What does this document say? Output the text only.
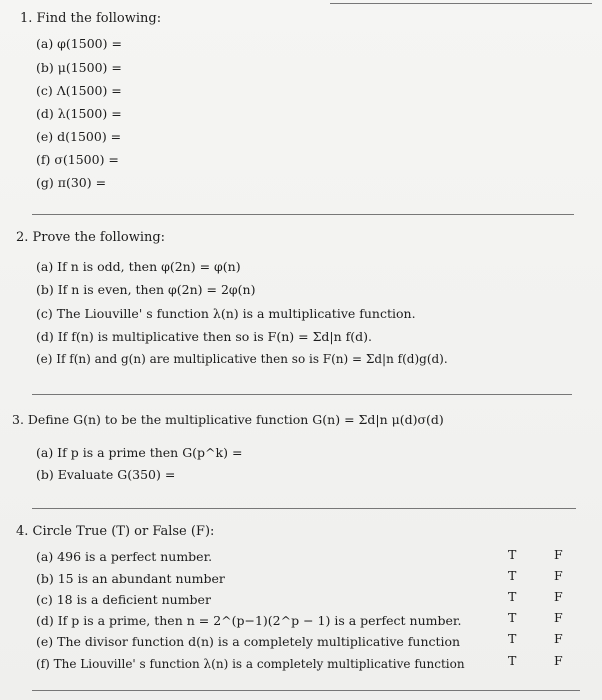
1. Find the following:
(a) φ(1500) =
(b) μ(1500) =
(c) Λ(1500) =
(d) λ(1500) =
(e) d(1500) =
(f) σ(1500) =
(g) π(30) =
2. Prove the following:
(a) If n is odd, then φ(2n) = φ(n)
(b) If n is even, then φ(2n) = 2φ(n)
(c) The Liouville' s function λ(n) is a multiplicative function.
(d) If f(n) is multiplicative then so is F(n) = Σd|n f(d).
(e) If f(n) and g(n) are multiplicative then so is F(n) = Σd|n f(d)g(d).
3. Define G(n) to be the multiplicative function G(n) = Σd|n μ(d)σ(d)
(a) If p is a prime then G(p^k) =
(b) Evaluate G(350) =
4. Circle True (T) or False (F):
(a) 496 is a perfect number.	T	F
(b) 15 is an abundant number	T	F
(c) 18 is a deficient number	T	F
(d) If p is a prime, then n = 2^(p−1)(2^p − 1) is a perfect number.	T	F
(e) The divisor function d(n) is a completely multiplicative function	T	F
(f) The Liouville' s function λ(n) is a completely multiplicative function	T	F
